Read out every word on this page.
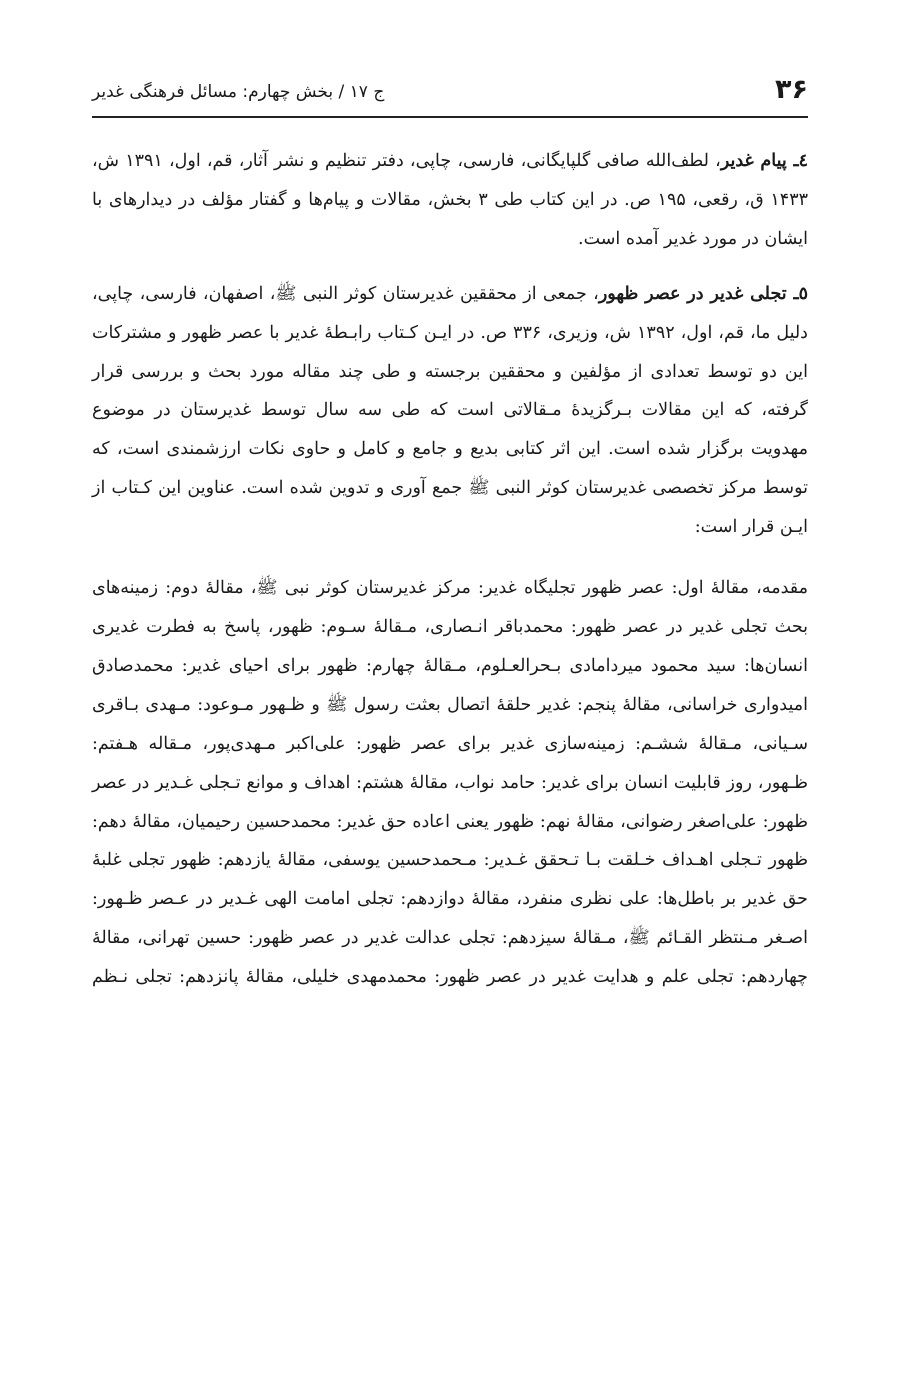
۳۶
ج ۱۷ / بخش چهارم: مسائل فرهنگی غدیر

٤ـ پیام غدیر، لطف‌الله صافی گلپایگانی، فارسی، چاپی، دفتر تنظیم و نشر آثار، قم، اول، ۱۳۹۱ ش، ۱۴۳۳ ق، رقعی، ۱۹۵ ص. در این کتاب طی ۳ بخش، مقالات و پیام‌ها و گفتار مؤلف در دیدارهای با ایشان در مورد غدیر آمده است.

٥ـ تجلی غدیر در عصر ظهور، جمعی از محققین غدیرستان کوثر النبی ﷺ، اصفهان، فارسی، چاپی، دلیل ما، قم، اول، ۱۳۹۲ ش، وزیری، ۳۳۶ ص. در ایـن کـتاب رابـطهٔ غدیر با عصر ظهور و مشترکات این دو توسط تعدادی از مؤلفین و محققین برجسته و طی چند مقاله مورد بحث و بررسی قرار گرفته، که این مقالات بـرگزیدهٔ مـقالاتی است که طی سه سال توسط غدیرستان در موضوع مهدویت برگزار شده است. این اثر کتابی بدیع و جامع و کامل و حاوی نکات ارزشمندی است، که توسط مرکز تخصصی غدیرستان کوثر النبی ﷺ جمع آوری و تدوین شده است. عناوین این کـتاب از ایـن قرار است:

مقدمه، مقالهٔ اول: عصر ظهور تجلیگاه غدیر: مرکز غدیرستان کوثر نبی ﷺ، مقالهٔ دوم: زمینه‌های بحث تجلی غدیر در عصر ظهور: محمدباقر انـصاری، مـقالهٔ سـوم: ظهور، پاسخ به فطرت غدیری انسان‌ها: سید محمود میردامادی بـحرالعـلوم، مـقالهٔ چهارم: ظهور برای احیای غدیر: محمدصادق امیدواری خراسانی، مقالهٔ پنجم: غدیر حلقهٔ اتصال بعثت رسول ﷺ و ظـهور مـوعود: مـهدی بـاقری سـیانی، مـقالهٔ ششـم: زمینه‌سازی غدیر برای عصر ظهور: علی‌اکبر مـهدی‌پور، مـقاله هـفتم: ظـهور، روز قابلیت انسان برای غدیر: حامد نواب، مقالهٔ هشتم: اهداف و موانع تـجلی غـدیر در عصر ظهور: علی‌اصغر رضوانی، مقالهٔ نهم: ظهور یعنی اعاده حق غدیر: محمدحسین رحیمیان، مقالهٔ دهم: ظهور تـجلی اهـداف خـلقت بـا تـحقق غـدیر: مـحمدحسین یوسفی، مقالهٔ یازدهم: ظهور تجلی غلبهٔ حق غدیر بر باطل‌ها: علی نظری منفرد، مقالهٔ دوازدهم: تجلی امامت الهی غـدیر در عـصر ظـهور: اصـغر مـنتظر القـائم ﷺ، مـقالهٔ سیزدهم: تجلی عدالت غدیر در عصر ظهور: حسین تهرانی، مقالهٔ چهاردهم: تجلی علم و هدایت غدیر در عصر ظهور: محمدمهدی خلیلی، مقالهٔ پانزدهم: تجلی نـظم
